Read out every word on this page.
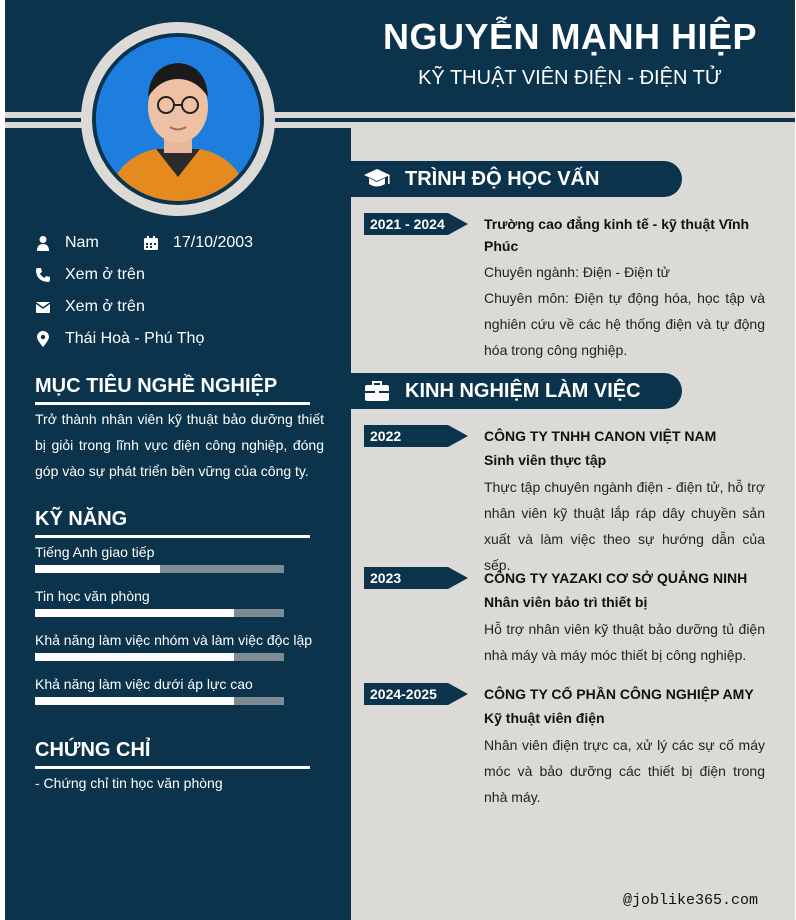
NGUYỄN MẠNH HIỆP
KỸ THUẬT VIÊN ĐIỆN - ĐIỆN TỬ
Nam	17/10/2003
Xem ở trên
Xem ở trên
Thái Hoà - Phú Thọ
MỤC TIÊU NGHỀ NGHIỆP
Trở thành nhân viên kỹ thuật bảo dưỡng thiết bị giỏi trong lĩnh vực điện công nghiệp, đóng góp vào sự phát triển bền vững của công ty.
KỸ NĂNG
Tiếng Anh giao tiếp
Tin học văn phòng
Khả năng làm việc nhóm và làm việc độc lập
Khả năng làm việc dưới áp lực cao
CHỨNG CHỈ
- Chứng chỉ tin học văn phòng
TRÌNH ĐỘ HỌC VẤN
2021 - 2024	Trường cao đẳng kinh tế - kỹ thuật Vĩnh Phúc
Chuyên ngành: Điện - Điện tử
Chuyên môn: Điện tự động hóa, học tập và nghiên cứu về các hệ thống điện và tự động hóa trong công nghiệp.
KINH NGHIỆM LÀM VIỆC
2022	CÔNG TY TNHH CANON VIỆT NAM
Sinh viên thực tập
Thực tập chuyên ngành điện - điện tử, hỗ trợ nhân viên kỹ thuật lắp ráp dây chuyền sản xuất và làm việc theo sự hướng dẫn của sếp.
2023	CÔNG TY YAZAKI CƠ SỞ QUẢNG NINH
Nhân viên bảo trì thiết bị
Hỗ trợ nhân viên kỹ thuật bảo dưỡng tủ điện nhà máy và máy móc thiết bị công nghiệp.
2024-2025	CÔNG TY CỐ PHẦN CÔNG NGHIỆP AMY
Kỹ thuật viên điện
Nhân viên điện trực ca, xử lý các sự cố máy móc và bảo dưỡng các thiết bị điện trong nhà máy.
@joblike365.com
